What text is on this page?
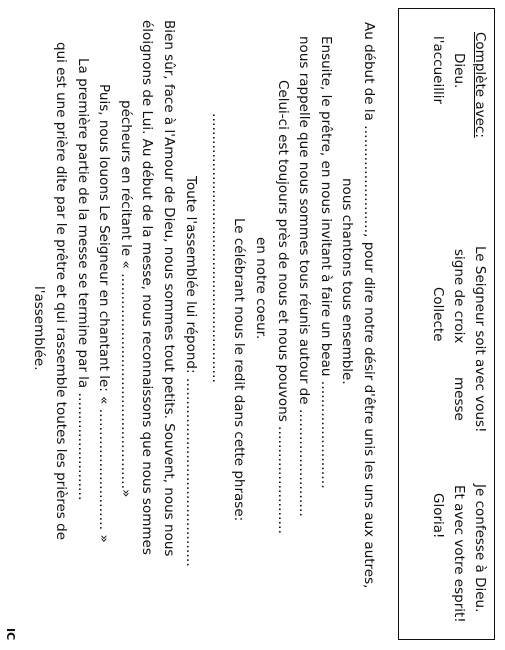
Complète avec:
Dieu.
Le Seigneur soit avec vous!
Je confesse à Dieu.
signe de croix
messe
Et avec votre esprit!
l'accueillir
Collecte
Gloria!
Au début de la ……………………, pour dire notre désir d'être unis les uns aux autres,
nous chantons tous ensemble.
Ensuite, le prêtre, en nous invitant à faire un beau ……………………
nous rappelle que nous sommes tous réunis autour de ……………………
Celui-ci est toujours près de nous et nous pouvons ……………………
en notre coeur.
Le célébrant nous le redit dans cette phrase:
……………………………………………………
Toute l'assemblée lui répond: ……………………………………
Bien sûr, face à l'Amour de Dieu, nous sommes tout petits. Souvent, nous nous
éloignons de Lui. Au début de la messe, nous reconnaissons que nous sommes
pécheurs en récitant le « …………………………………………»
Puis, nous louons Le Seigneur en chantant le: « ……………………… »
La première partie de la messe se termine par la ……………………
qui est une prière dite par le prêtre et qui rassemble toutes les prières de
l'assemblée.
IC
